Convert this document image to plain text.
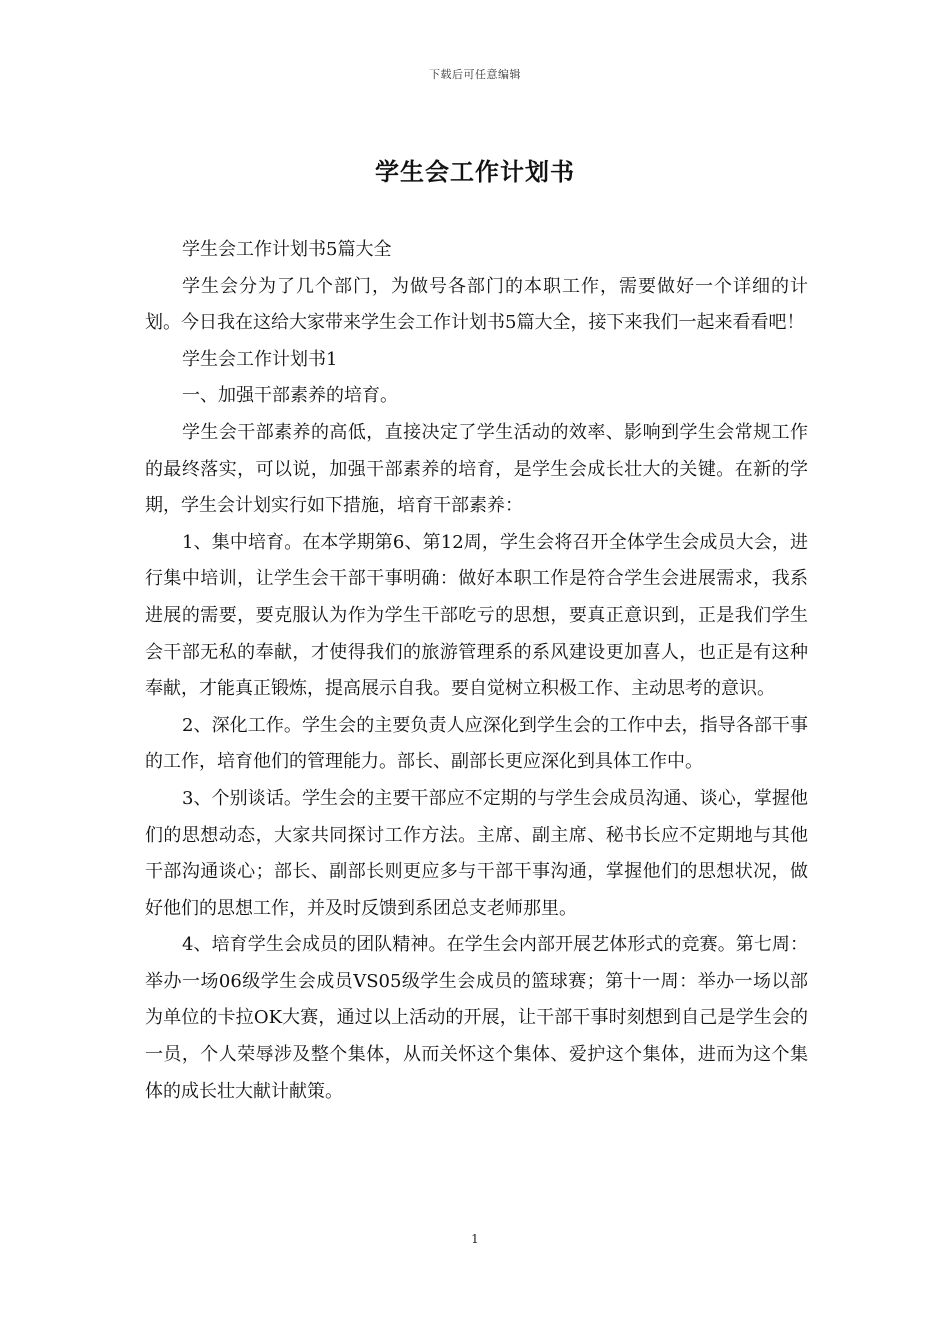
下载后可任意编辑
学生会工作计划书

学生会工作计划书5篇大全

学生会分为了几个部门，为做号各部门的本职工作，需要做好一个详细的计划。今日我在这给大家带来学生会工作计划书5篇大全，接下来我们一起来看看吧！

学生会工作计划书1

一、加强干部素养的培育。

学生会干部素养的高低，直接决定了学生活动的效率、影响到学生会常规工作的最终落实，可以说，加强干部素养的培育，是学生会成长壮大的关键。在新的学期，学生会计划实行如下措施，培育干部素养：

1、集中培育。在本学期第6、第12周，学生会将召开全体学生会成员大会，进行集中培训，让学生会干部干事明确：做好本职工作是符合学生会进展需求，我系进展的需要，要克服认为作为学生干部吃亏的思想，要真正意识到，正是我们学生会干部无私的奉献，才使得我们的旅游管理系的系风建设更加喜人，也正是有这种奉献，才能真正锻炼，提高展示自我。要自觉树立积极工作、主动思考的意识。

2、深化工作。学生会的主要负责人应深化到学生会的工作中去，指导各部干事的工作，培育他们的管理能力。部长、副部长更应深化到具体工作中。

3、个别谈话。学生会的主要干部应不定期的与学生会成员沟通、谈心，掌握他们的思想动态，大家共同探讨工作方法。主席、副主席、秘书长应不定期地与其他干部沟通谈心；部长、副部长则更应多与干部干事沟通，掌握他们的思想状况，做好他们的思想工作，并及时反馈到系团总支老师那里。

4、培育学生会成员的团队精神。在学生会内部开展艺体形式的竞赛。第七周：举办一场06级学生会成员VS05级学生会成员的篮球赛；第十一周：举办一场以部为单位的卡拉OK大赛，通过以上活动的开展，让干部干事时刻想到自己是学生会的一员，个人荣辱涉及整个集体，从而关怀这个集体、爱护这个集体，进而为这个集体的成长壮大献计献策。

1
